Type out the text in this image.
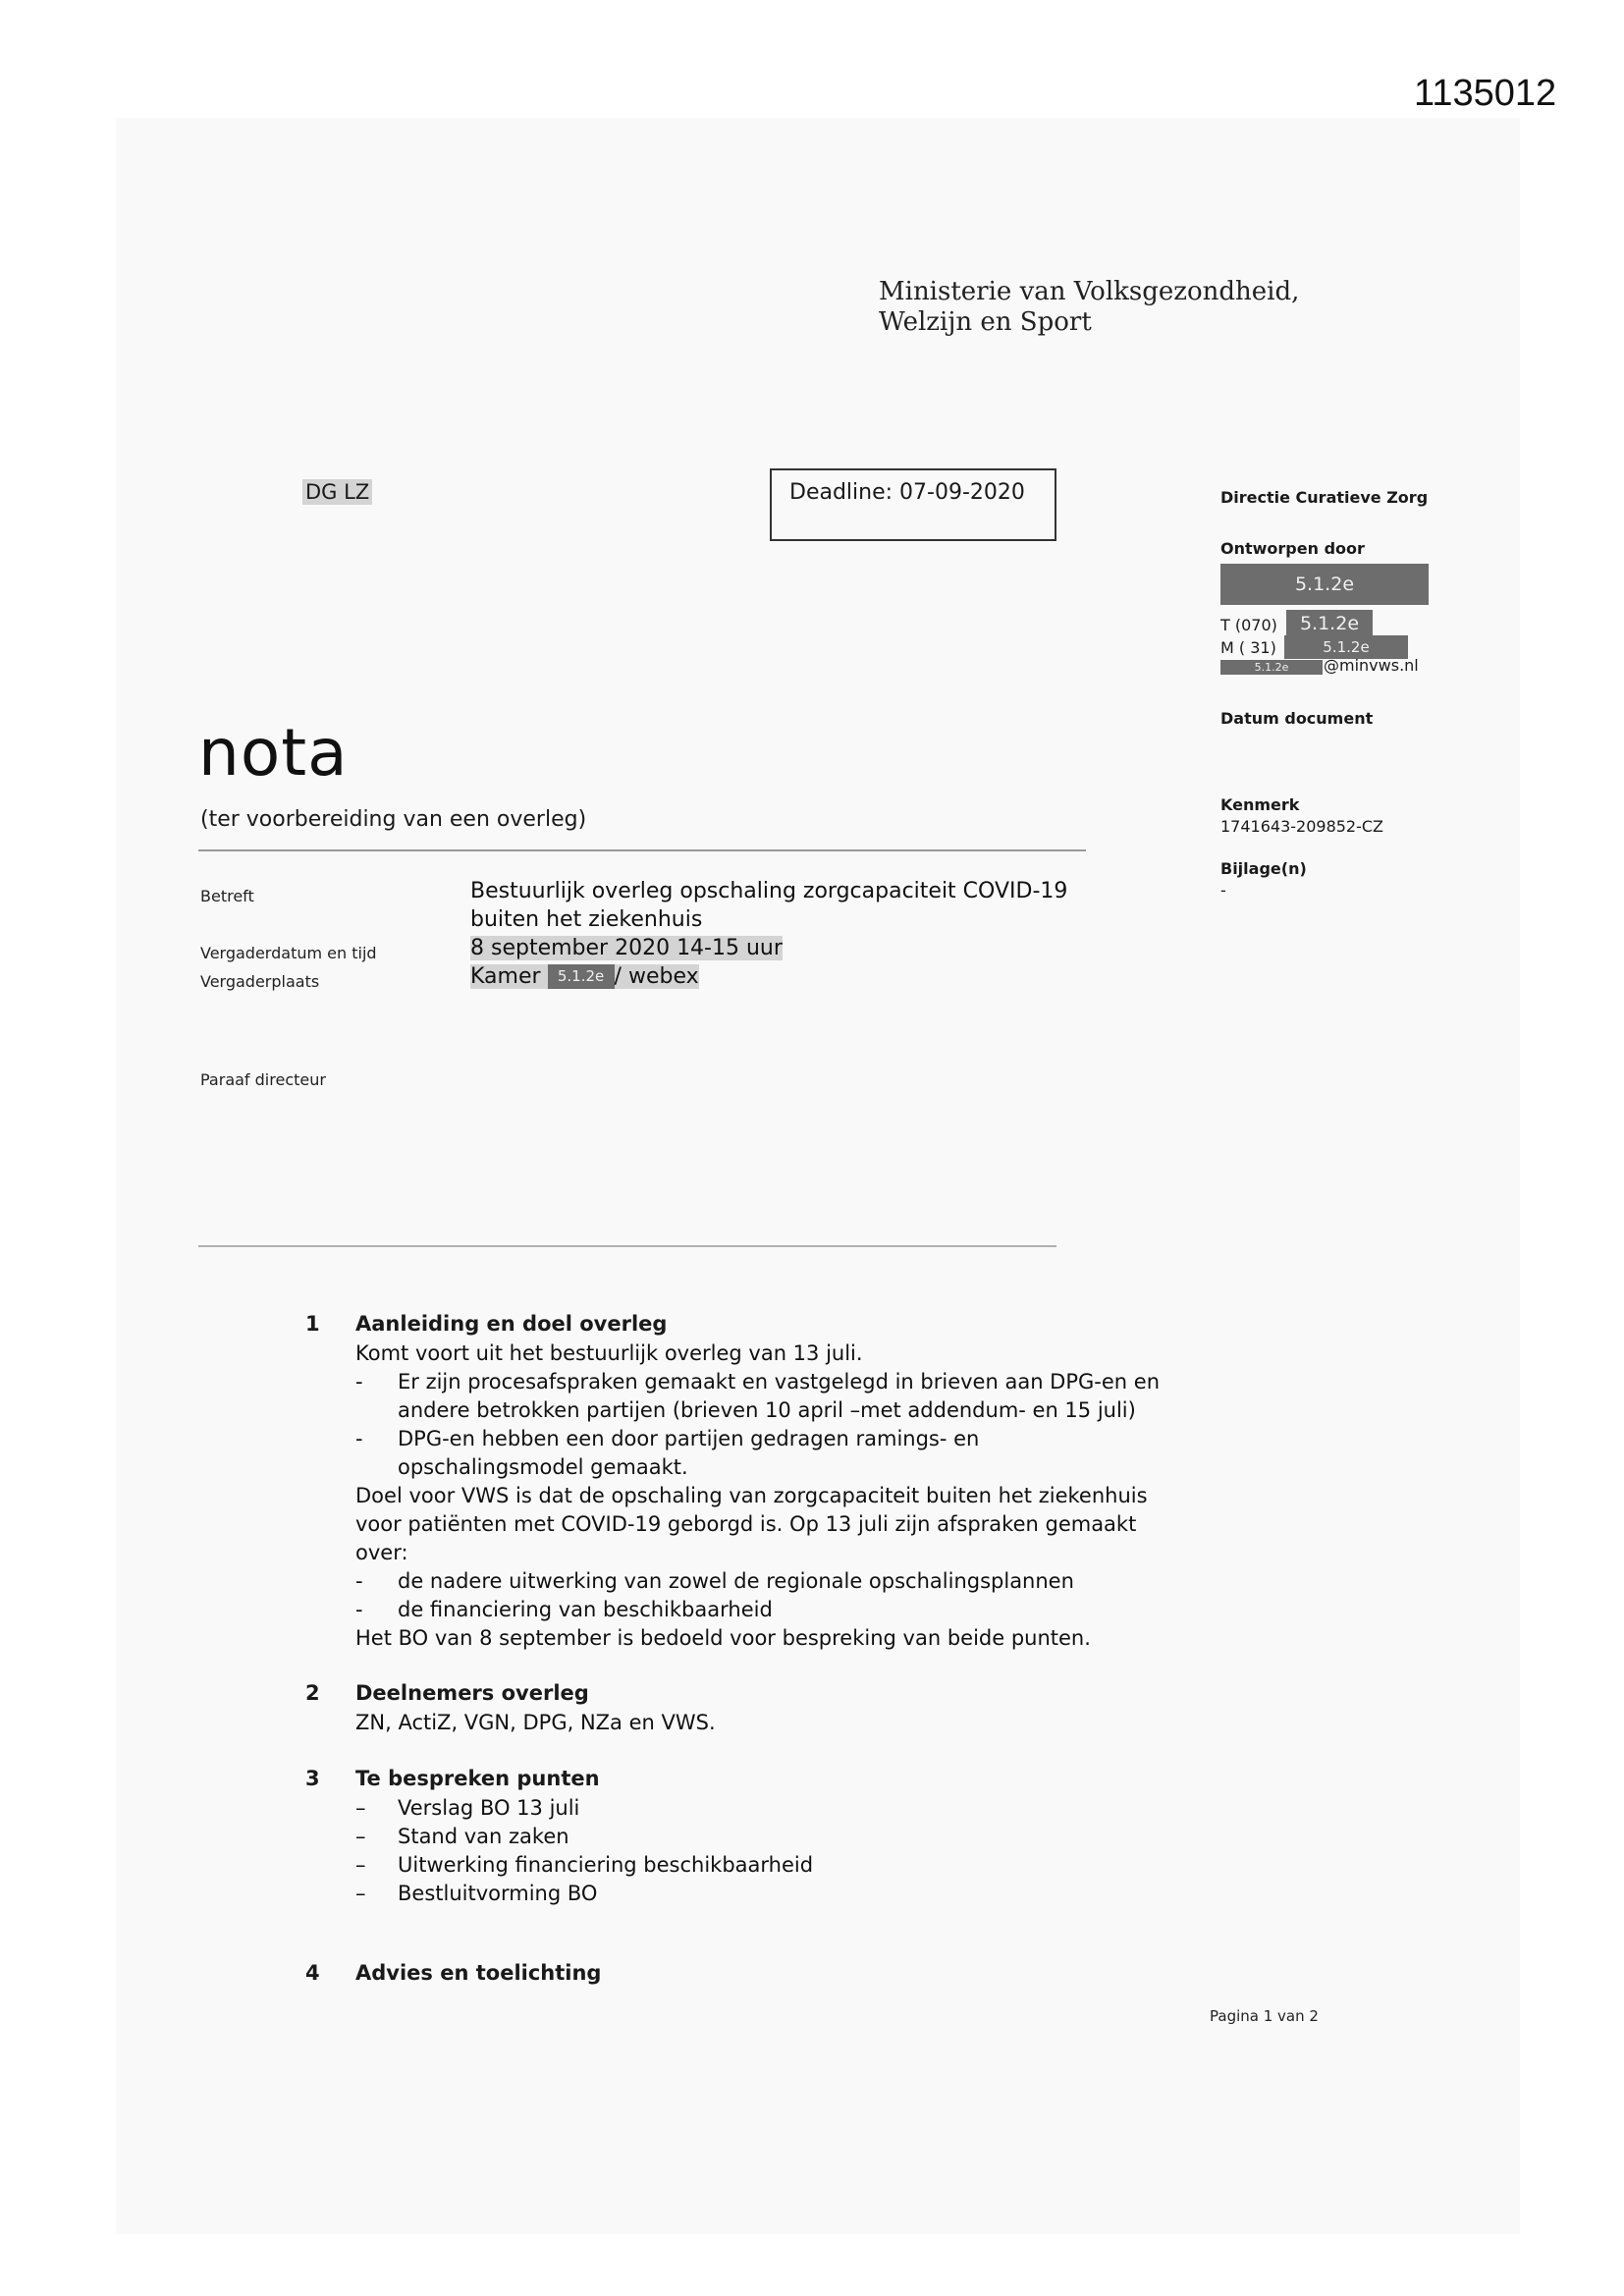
1135012
Ministerie van Volksgezondheid,
Welzijn en Sport
DG LZ	Deadline: 07-09-2020	Directie Curatieve Zorg
Ontworpen door
5.1.2e
T (070)	5.1.2e
M ( 31)	5.1.2e
5.1.2e	@minvws.nl
Datum document
Kenmerk
1741643-209852-CZ
Bijlage(n)
-
nota
(ter voorbereiding van een overleg)
Betreft	Bestuurlijk overleg opschaling zorgcapaciteit COVID-19
buiten het ziekenhuis
Vergaderdatum en tijd	8 september 2020 14-15 uur
Vergaderplaats	Kamer 5.1.2e / webex
Paraaf directeur
1 Aanleiding en doel overleg
Komt voort uit het bestuurlijk overleg van 13 juli.
- Er zijn procesafspraken gemaakt en vastgelegd in brieven aan DPG-en en
andere betrokken partijen (brieven 10 april –met addendum- en 15 juli)
- DPG-en hebben een door partijen gedragen ramings- en
opschalingsmodel gemaakt.
Doel voor VWS is dat de opschaling van zorgcapaciteit buiten het ziekenhuis
voor patiënten met COVID-19 geborgd is. Op 13 juli zijn afspraken gemaakt
over:
- de nadere uitwerking van zowel de regionale opschalingsplannen
- de financiering van beschikbaarheid
Het BO van 8 september is bedoeld voor bespreking van beide punten.
2 Deelnemers overleg
ZN, ActiZ, VGN, DPG, NZa en VWS.
3 Te bespreken punten
– Verslag BO 13 juli
– Stand van zaken
– Uitwerking financiering beschikbaarheid
– Bestluitvorming BO
4 Advies en toelichting
Pagina 1 van 2
